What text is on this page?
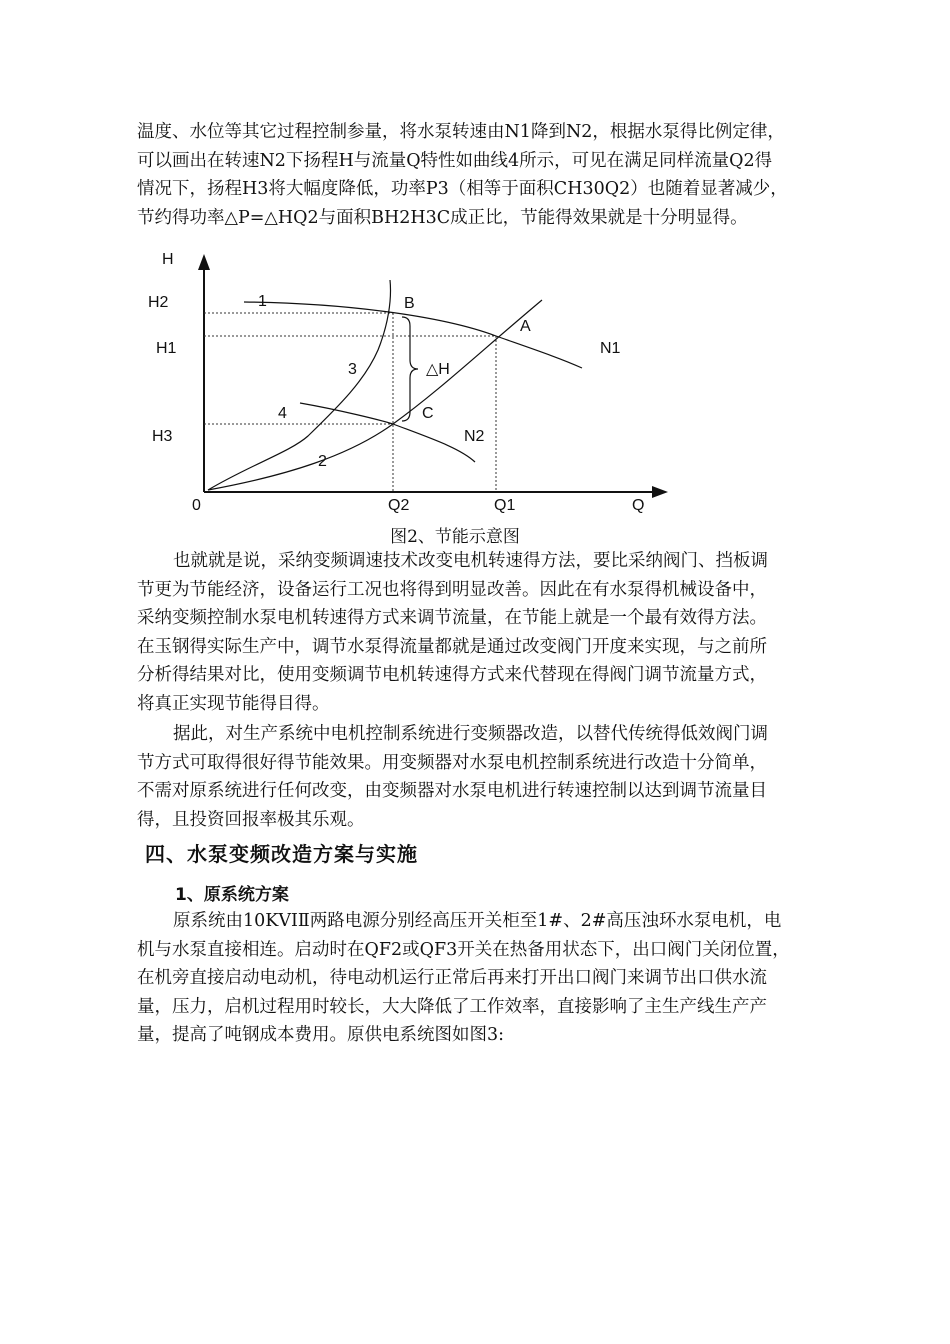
温度、水位等其它过程控制参量，将水泵转速由N1降到N2，根据水泵得比例定律，
可以画出在转速N2下扬程H与流量Q特性如曲线4所示，可见在满足同样流量Q2得
情况下，扬程H3将大幅度降低，功率P3（相等于面积CH30Q2）也随着显著减少，
节约得功率△P=△HQ2与面积BH2H3C成正比，节能得效果就是十分明显得。
H
Q
0
H2
H1
H3
Q2	Q1
B
A
C
1
2
3
4
N1
N2
△H
图2、节能示意图
也就就是说，采纳变频调速技术改变电机转速得方法，要比采纳阀门、挡板调
节更为节能经济，设备运行工况也将得到明显改善。因此在有水泵得机械设备中，
采纳变频控制水泵电机转速得方式来调节流量，在节能上就是一个最有效得方法。
在玉钢得实际生产中，调节水泵得流量都就是通过改变阀门开度来实现，与之前所
分析得结果对比，使用变频调节电机转速得方式来代替现在得阀门调节流量方式，
将真正实现节能得目得。
据此，对生产系统中电机控制系统进行变频器改造，以替代传统得低效阀门调
节方式可取得很好得节能效果。用变频器对水泵电机控制系统进行改造十分简单，
不需对原系统进行任何改变，由变频器对水泵电机进行转速控制以达到调节流量目
得，且投资回报率极其乐观。
四、水泵变频改造方案与实施
1、原系统方案
原系统由10KVⅠⅡ两路电源分别经高压开关柜至1#、2#高压浊环水泵电机，电
机与水泵直接相连。启动时在QF2或QF3开关在热备用状态下，出口阀门关闭位置，
在机旁直接启动电动机，待电动机运行正常后再来打开出口阀门来调节出口供水流
量，压力，启机过程用时较长，大大降低了工作效率，直接影响了主生产线生产产
量，提高了吨钢成本费用。原供电系统图如图3:
